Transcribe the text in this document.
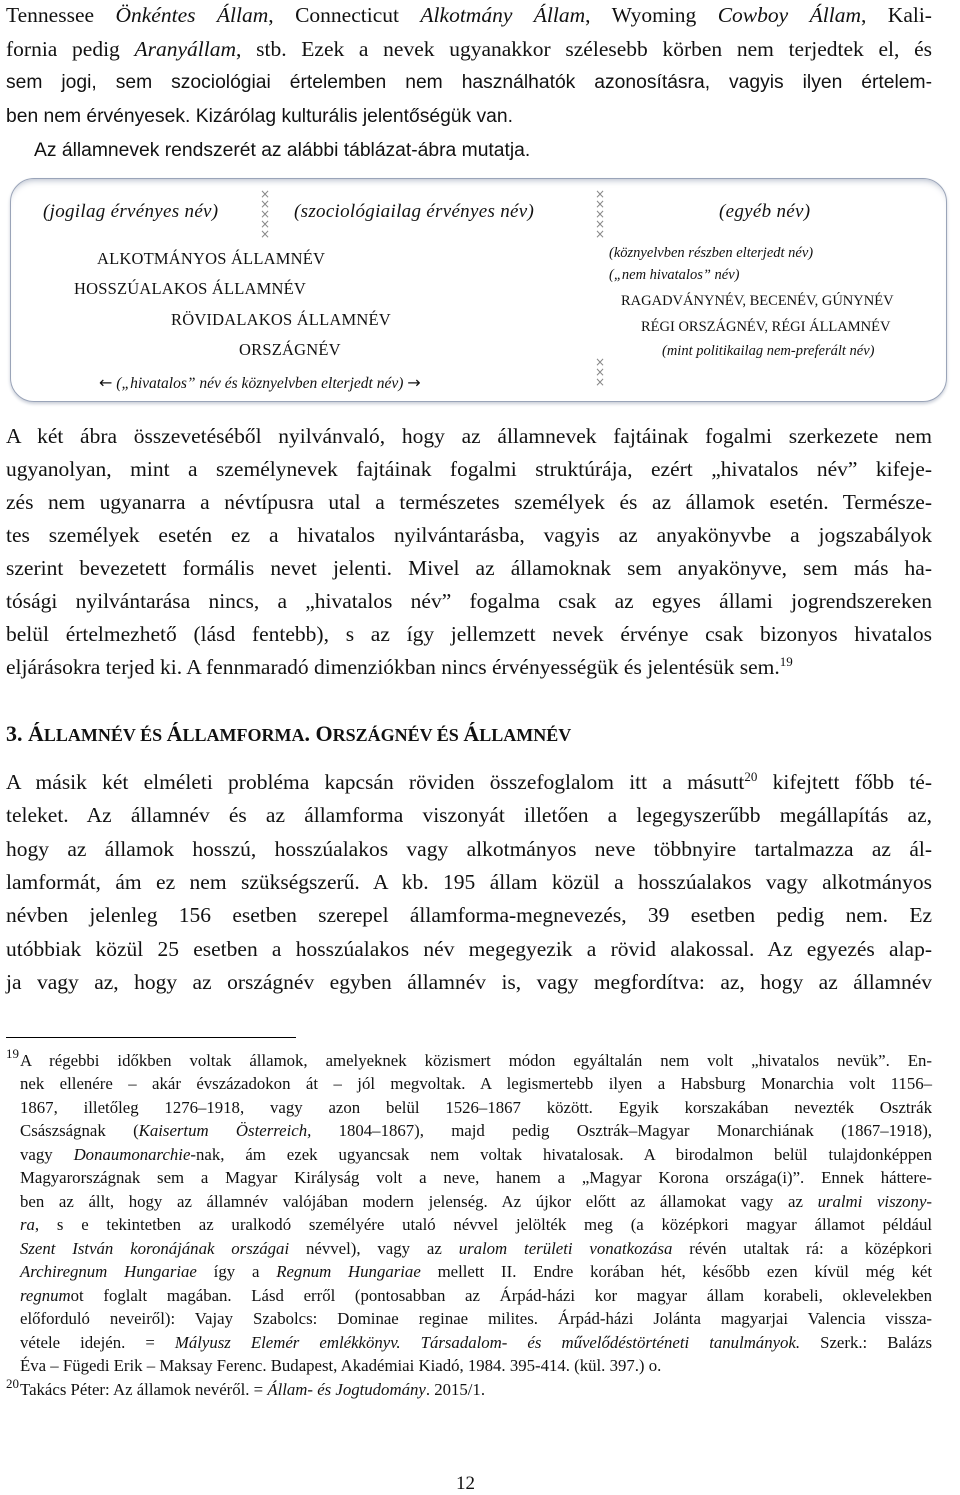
Tennessee Önkéntes Állam, Connecticut Alkotmány Állam, Wyoming Cowboy Állam, Kali-
fornia pedig Aranyállam, stb. Ezek a nevek ugyanakkor szélesebb körben nem terjedtek el, és
sem jogi, sem szociológiai értelemben nem használhatók azonosításra, vagyis ilyen értelem-
ben nem érvényesek. Kizárólag kulturális jelentőségük van.
Az államnevek rendszerét az alábbi táblázat-ábra mutatja.
(jogilag érvényes név)	(szociológiailag érvényes név)	(egyéb név)
×
×
×
×
×
×
×
×
×
×
×
×
×
ALKOTMÁNYOS ÁLLAMNÉV
HOSSZÚALAKOS ÁLLAMNÉV
RÖVIDALAKOS ÁLLAMNÉV
ORSZÁGNÉV
← („hivatalos” név és köznyelvben elterjedt név) →
(köznyelvben részben elterjedt név)
(„nem hivatalos” név)
RAGADVÁNYNÉV, BECENÉV, GÚNYNÉV
RÉGI ORSZÁGNÉV, RÉGI ÁLLAMNÉV
(mint politikailag nem-preferált név)
A két ábra összevetéséből nyilvánvaló, hogy az államnevek fajtáinak fogalmi szerkezete nem
ugyanolyan, mint a személynevek fajtáinak fogalmi struktúrája, ezért „hivatalos név” kifeje-
zés nem ugyanarra a névtípusra utal a természetes személyek és az államok esetén. Természe-
tes személyek esetén ez a hivatalos nyilvántarásba, vagyis az anyakönyvbe a jogszabályok
szerint bevezetett formális nevet jelenti. Mivel az államoknak sem anyakönyve, sem más ha-
tósági nyilvántarása nincs, a „hivatalos név” fogalma csak az egyes állami jogrendszereken
belül értelmezhető (lásd fentebb), s az így jellemzett nevek érvénye csak bizonyos hivatalos
eljárásokra terjed ki. A fennmaradó dimenziókban nincs érvényességük és jelentésük sem.$^{19}$
3. ÁLLAMNÉV ÉS ÁLLAMFORMA. ORSZÁGNÉV ÉS ÁLLAMNÉV
A másik két elméleti probléma kapcsán röviden összefoglalom itt a másutt$^{20}$ kifejtett főbb té-
teleket. Az államnév és az államforma viszonyát illetően a legegyszerűbb megállapítás az,
hogy az államok hosszú, hosszúalakos vagy alkotmányos neve többnyire tartalmazza az ál-
lamformát, ám ez nem szükségszerű. A kb. 195 állam közül a hosszúalakos vagy alkotmányos
névben jelenleg 156 esetben szerepel államforma-megnevezés, 39 esetben pedig nem. Ez
utóbbiak közül 25 esetben a hosszúalakos név megegyezik a rövid alakossal. Az egyezés alap-
ja vagy az, hogy az országnév egyben államnév is, vagy megfordítva: az, hogy az államnév
19 A régebbi időkben voltak államok, amelyeknek közismert módon egyáltalán nem volt „hivatalos nevük”. En-
nek ellenére – akár évszázadokon át – jól megvoltak. A legismertebb ilyen a Habsburg Monarchia volt 1156–
1867, illetőleg 1276–1918, vagy azon belül 1526–1867 között. Egyik korszakában nevezték Osztrák
Császságnak (Kaisertum Österreich, 1804–1867), majd pedig Osztrák–Magyar Monarchiának (1867–1918),
vagy Donaumonarchie-nak, ám ezek ugyancsak nem voltak hivatalosak. A birodalmon belül tulajdonképpen
Magyarországnak sem a Magyar Királyság volt a neve, hanem a „Magyar Korona országa(i)”. Ennek háttere-
ben az állt, hogy az államnév valójában modern jelenség. Az újkor előtt az államokat vagy az uralmi viszony-
ra, s e tekintetben az uralkodó személyére utaló névvel jelölték meg (a középkori magyar államot például
Szent István koronájának országai névvel), vagy az uralom területi vonatkozása révén utaltak rá: a középkori
Archiregnum Hungariae így a Regnum Hungariae mellett II. Endre korában hét, később ezen kívül még két
regnumot foglalt magában. Lásd erről (pontosabban az Árpád-házi kor magyar állam korabeli, oklevelekben
előforduló neveiről): Vajay Szabolcs: Dominae reginae milites. Árpád-házi Jolánta magyarjai Valencia vissza-
vétele idején. = Mályusz Elemér emlékkönyv. Társadalom- és művelődéstörténeti tanulmányok. Szerk.: Balázs
Éva – Fügedi Erik – Maksay Ferenc. Budapest, Akadémiai Kiadó, 1984. 395-414. (kül. 397.) o.
20 Takács Péter: Az államok nevéről. = Állam- és Jogtudomány. 2015/1.
12
